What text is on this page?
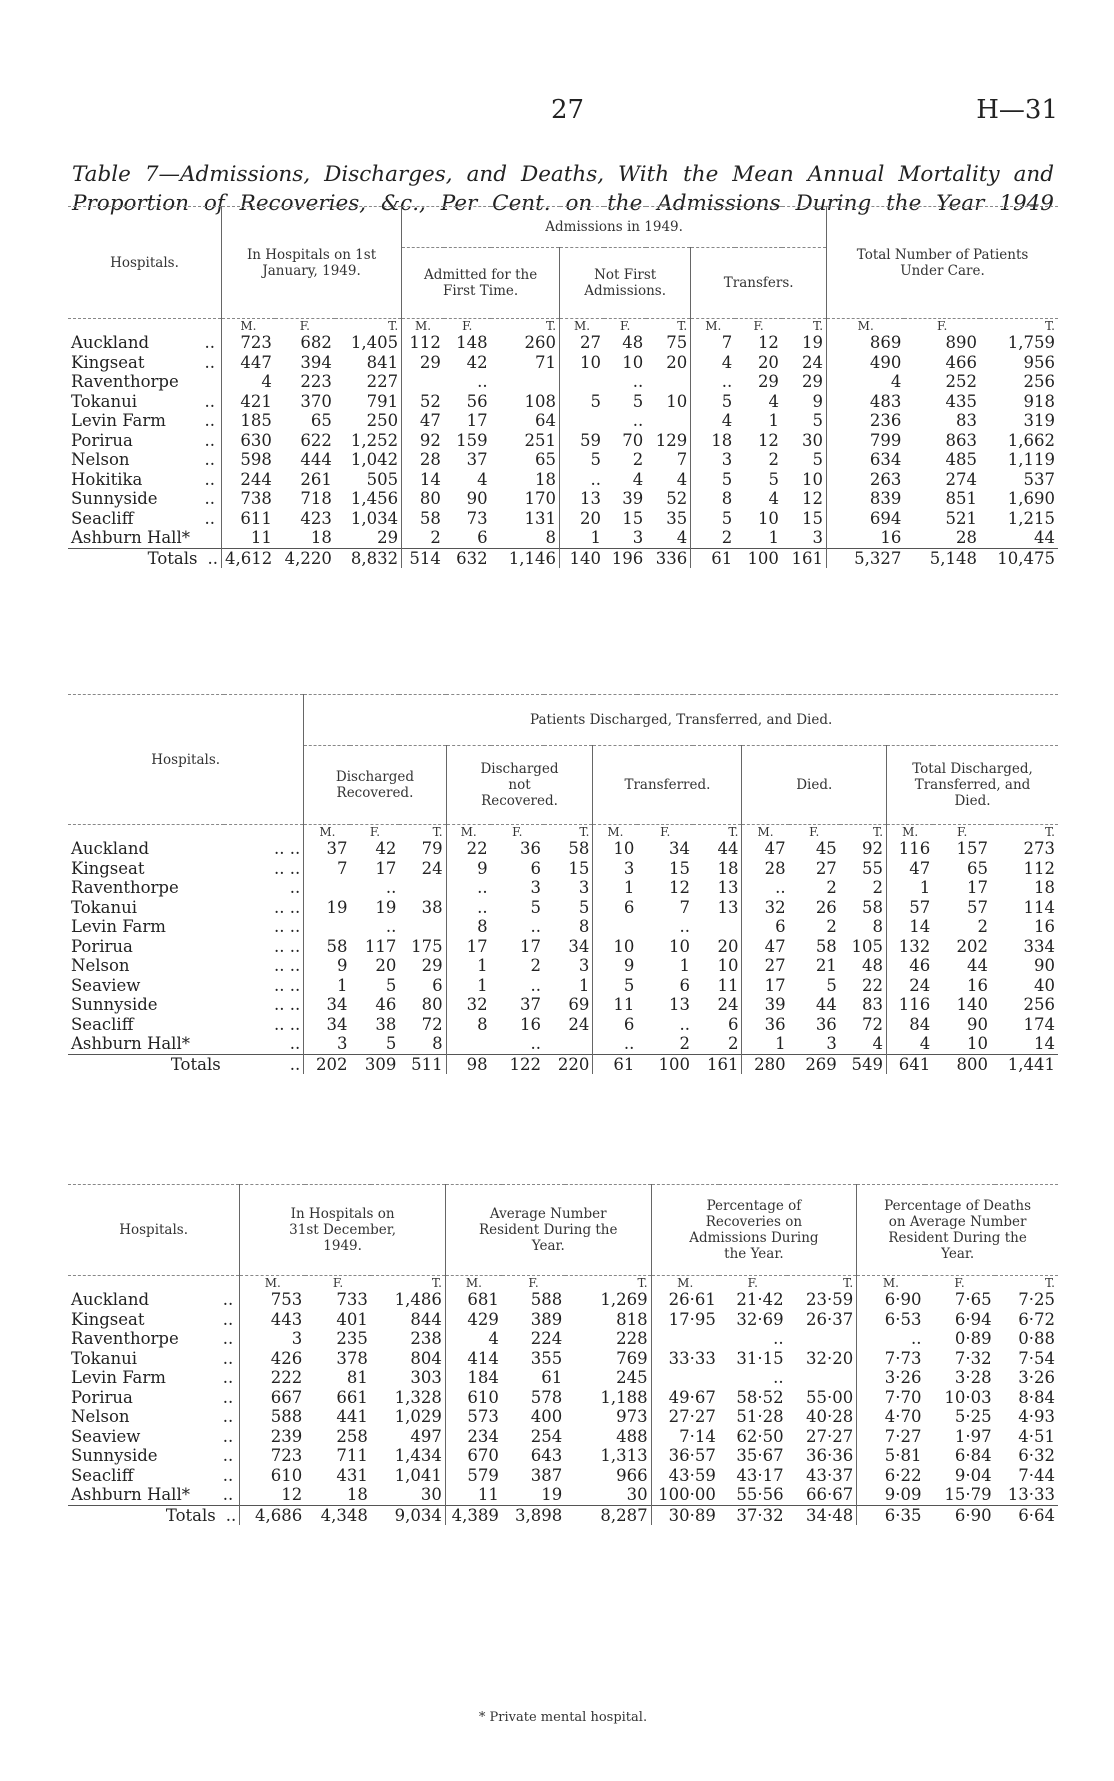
27	H—31
Table 7—Admissions, Discharges, and Deaths, With the Mean Annual Mortality and
Proportion of Recoveries, &c., Per Cent. on the Admissions During the Year 1949
Hospitals.	In Hospitals on 1st January, 1949.			Admissions in 1949.									Total Number of Patients Under Care.		
				Admitted for the First Time.			Not First Admissions.			Transfers.					
	M.	F.	T.	M.	F.	T.	M.	F.	T.	M.	F.	T.	M.	F.	T.
Auckland ..	723	682	1,405	112	148	260	27	48	75	7	12	19	869	890	1,759
Kingseat ..	447	394	841	29	42	71	10	10	20	4	20	24	490	466	956
Raventhorpe	4	223	227		..			..		..	29	29	4	252	256
Tokanui ..	421	370	791	52	56	108	5	5	10	5	4	9	483	435	918
Levin Farm ..	185	65	250	47	17	64		..		4	1	5	236	83	319
Porirua ..	630	622	1,252	92	159	251	59	70	129	18	12	30	799	863	1,662
Nelson ..	598	444	1,042	28	37	65	5	2	7	3	2	5	634	485	1,119
Hokitika ..	244	261	505	14	4	18	..	4	4	5	5	10	263	274	537
Sunnyside ..	738	718	1,456	80	90	170	13	39	52	8	4	12	839	851	1,690
Seacliff ..	611	423	1,034	58	73	131	20	15	35	5	10	15	694	521	1,215
Ashburn Hall*	11	18	29	2	6	8	1	3	4	2	1	3	16	28	44
Totals ..	4,612	4,220	8,832	514	632	1,146	140	196	336	61	100	161	5,327	5,148	10,475
Hospitals.		Patients Discharged, Transferred, and Died.														
		Discharged Recovered.			Discharged not Recovered.			Transferred.			Died.			Total Discharged, Transferred, and Died.		
		M.	F.	T.	M.	F.	T.	M.	F.	T.	M.	F.	T.	M.	F.	T.
Auckland	.. ..	37	42	79	22	36	58	10	34	44	47	45	92	116	157	273
Kingseat	.. ..	7	17	24	9	6	15	3	15	18	28	27	55	47	65	112
Raventhorpe	..		..		..	3	3	1	12	13	..	2	2	1	17	18
Tokanui	.. ..	19	19	38	..	5	5	6	7	13	32	26	58	57	57	114
Levin Farm	.. ..		..		8	..	8		..		6	2	8	14	2	16
Porirua	.. ..	58	117	175	17	17	34	10	10	20	47	58	105	132	202	334
Nelson	.. ..	9	20	29	1	2	3	9	1	10	27	21	48	46	44	90
Seaview	.. ..	1	5	6	1	..	1	5	6	11	17	5	22	24	16	40
Sunnyside	.. ..	34	46	80	32	37	69	11	13	24	39	44	83	116	140	256
Seacliff	.. ..	34	38	72	8	16	24	6	..	6	36	36	72	84	90	174
Ashburn Hall*	..	3	5	8		..		..	2	2	1	3	4	4	10	14
Totals	..	202	309	511	98	122	220	61	100	161	280	269	549	641	800	1,441
Hospitals.	In Hospitals on 31st December, 1949.			Average Number Resident During the Year.			Percentage of Recoveries on Admissions During the Year.			Percentage of Deaths on Average Number Resident During the Year.		
	M.	F.	T.	M.	F.	T.	M.	F.	T.	M.	F.	T.
Auckland ..	753	733	1,486	681	588	1,269	26·61	21·42	23·59	6·90	7·65	7·25
Kingseat ..	443	401	844	429	389	818	17·95	32·69	26·37	6·53	6·94	6·72
Raventhorpe ..	3	235	238	4	224	228		..		..	0·89	0·88
Tokanui ..	426	378	804	414	355	769	33·33	31·15	32·20	7·73	7·32	7·54
Levin Farm ..	222	81	303	184	61	245		..		3·26	3·28	3·26
Porirua ..	667	661	1,328	610	578	1,188	49·67	58·52	55·00	7·70	10·03	8·84
Nelson ..	588	441	1,029	573	400	973	27·27	51·28	40·28	4·70	5·25	4·93
Seaview ..	239	258	497	234	254	488	7·14	62·50	27·27	7·27	1·97	4·51
Sunnyside ..	723	711	1,434	670	643	1,313	36·57	35·67	36·36	5·81	6·84	6·32
Seacliff ..	610	431	1,041	579	387	966	43·59	43·17	43·37	6·22	9·04	7·44
Ashburn Hall* ..	12	18	30	11	19	30	100·00	55·56	66·67	9·09	15·79	13·33
Totals ..	4,686	4,348	9,034	4,389	3,898	8,287	30·89	37·32	34·48	6·35	6·90	6·64
* Private mental hospital.
